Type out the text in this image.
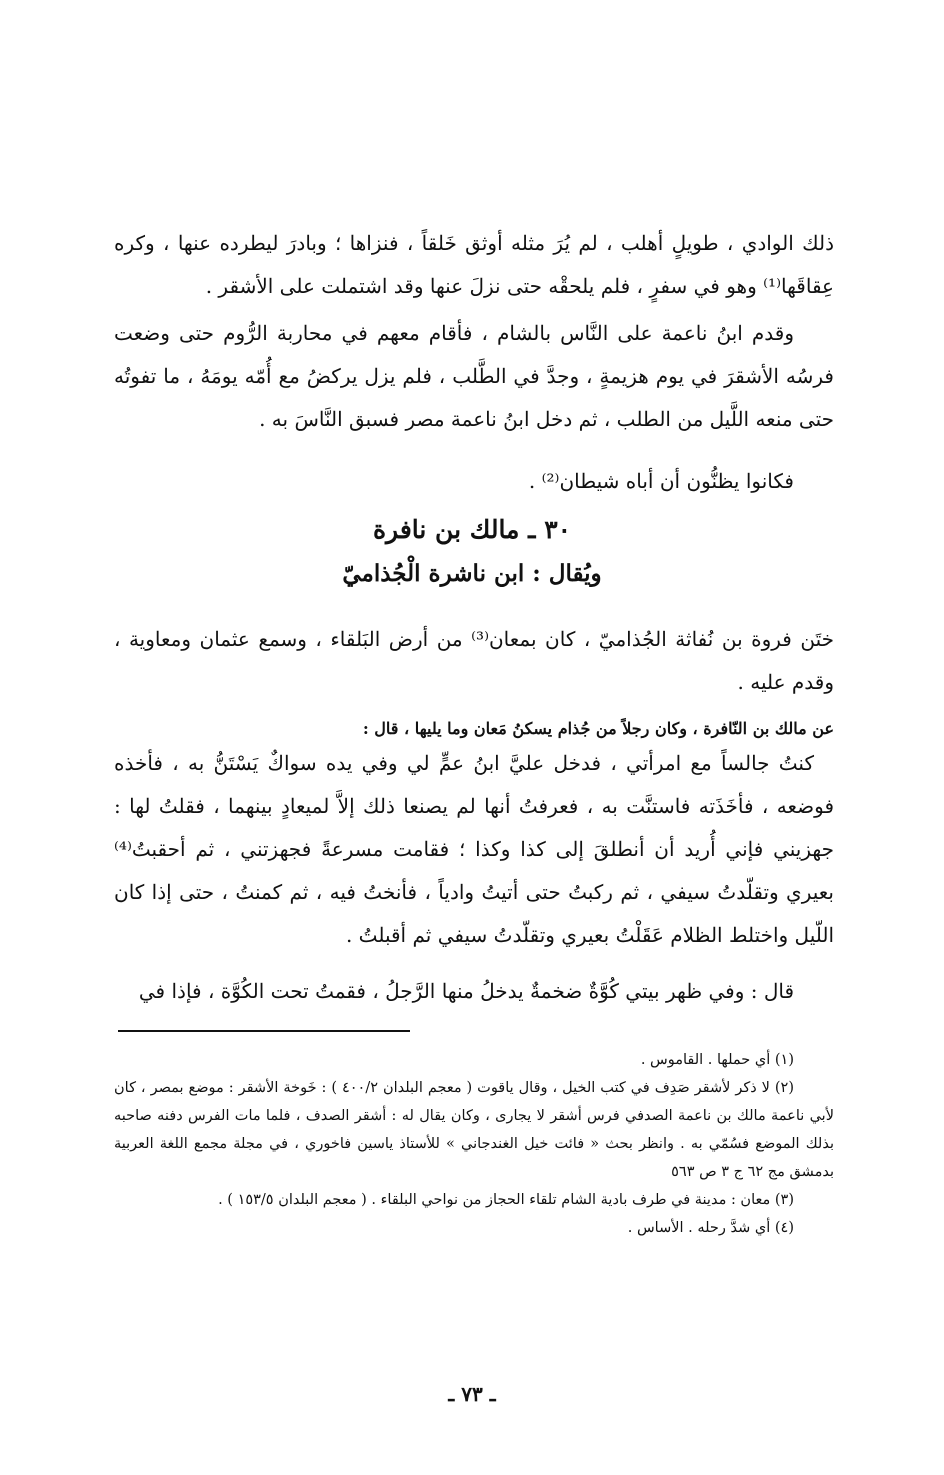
ذلك الوادي ، طويلٍ أهلب ، لم يُرَ مثله أوثق خَلقاً ، فنزاها ؛ وبادرَ ليطرده عنها ، وكره عِقاقَها⁽¹⁾ وهو في سفرٍ ، فلم يلحقْه حتى نزلَ عنها وقد اشتملت على الأشقر .

وقدم ابنُ ناعمة على النَّاس بالشام ، فأقام معهم في محاربة الرُّوم حتى وضعت فرسُه الأشقرَ في يوم هزيمةٍ ، وجدَّ في الطَّلب ، فلم يزل يركضُ مع أُمّه يومَهُ ، ما تفوتُه حتى منعه اللَّيل من الطلب ، ثم دخل ابنُ ناعمة مصر فسبق النَّاسَ به .

فكانوا يظنُّون أن أباه شيطان⁽²⁾ .

٣٠ ـ مالك بن نافرة
ويُقال : ابن ناشرة الْجُذاميّ

ختَن فروة بن نُفاثة الجُذاميّ ، كان بمعان⁽³⁾ من أرض البَلقاء ، وسمع عثمان ومعاوية ، وقدم عليه .

عن مالك بن النّافرة ، وكان رجلاً من جُذام يسكنُ مَعان وما يليها ، قال :

كنتُ جالساً مع امرأتي ، فدخل عليَّ ابنُ عمٍّ لي وفي يده سواكٌ يَسْتَنُّ به ، فأخذه فوضعه ، فأخَذَته فاستنَّت به ، فعرفتُ أنها لم يصنعا ذلك إلاَّ لميعادٍ بينهما ، فقلتُ لها : جهزيني فإني أُريد أن أنطلقَ إلى كذا وكذا ؛ فقامت مسرعةً فجهزتني ، ثم أحقبتُ⁽⁴⁾ بعيري وتقلّدتُ سيفي ، ثم ركبتُ حتى أتيتُ وادياً ، فأنختُ فيه ، ثم كمنتُ ، حتى إذا كان اللّيل واختلط الظلام عَقَلْتُ بعيري وتقلّدتُ سيفي ثم أقبلتُ .

قال : وفي ظهر بيتي كُوَّةٌ ضخمةٌ يدخلُ منها الرَّجلُ ، فقمتُ تحت الكُوَّة ، فإذا في

(١) أي حملها . القاموس .

(٢) لا ذكر لأشقر صَدِف في كتب الخيل ، وقال ياقوت ( معجم البلدان ٤٠٠/٢ ) : خَوخة الأشقر : موضع بمصر ، كان لأبي ناعمة مالك بن ناعمة الصدفي فرس أشقر لا يجارى ، وكان يقال له : أشقر الصدف ، فلما مات الفرس دفنه صاحبه بذلك الموضع فسُمّي به . وانظر بحث « فائت خيل الغندجاني » للأستاذ ياسين فاخوري ، في مجلة مجمع اللغة العربية بدمشق مج ٦٢ ج ٣ ص ٥٦٣

(٣) معان : مدينة في طرف بادية الشام تلقاء الحجاز من نواحي البلقاء . ( معجم البلدان ١٥٣/٥ ) .

(٤) أي شدَّ رحله . الأساس .

ـ ٧٣ ـ
